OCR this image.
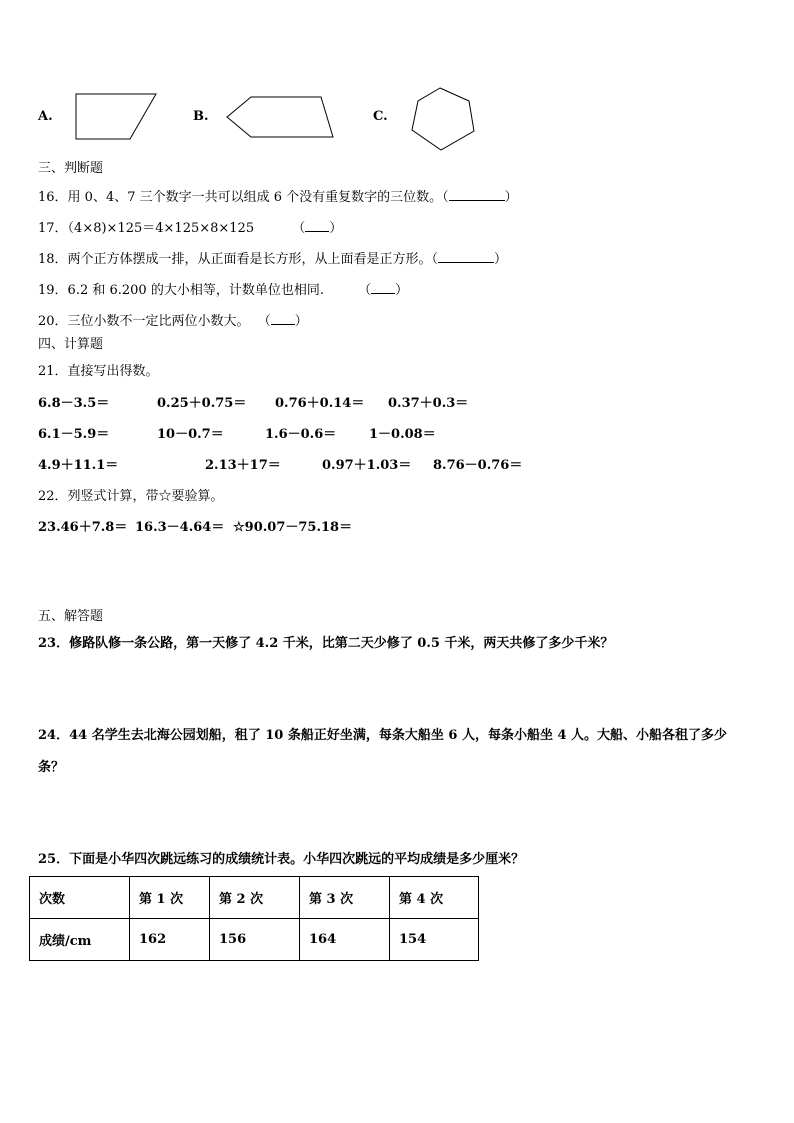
A.	B.	C.
三、判断题
16．用 0、4、7 三个数字一共可以组成 6 个没有重复数字的三位数。（	）
17．（4×8)×125＝4×125×8×125	（ ）
18．两个正方体摆成一排，从正面看是长方形，从上面看是正方形。（	）
19．6.2 和 6.200 的大小相等，计数单位也相同.	（ ）
20．三位小数不一定比两位小数大。 （ ）
四、计算题
21．直接写出得数。
6.8－3.5＝	0.25＋0.75＝ 0.76＋0.14＝ 0.37＋0.3＝
6.1－5.9＝	10－0.7＝	1.6－0.6＝	1－0.08＝
4.9＋11.1＝	2.13＋17＝	0.97＋1.03＝ 8.76－0.76＝
22．列竖式计算，带☆要验算。
23.46＋7.8＝ 16.3－4.64＝ ☆90.07－75.18＝
五、解答题
23．修路队修一条公路，第一天修了 4.2 千米，比第二天少修了 0.5 千米，两天共修了多少千米？
24．44 名学生去北海公园划船，租了 10 条船正好坐满，每条大船坐 6 人，每条小船坐 4 人。大船、小船各租了多少
条？
25．下面是小华四次跳远练习的成绩统计表。小华四次跳远的平均成绩是多少厘米？
次数	第 1 次	第 2 次	第 3 次	第 4 次
成绩/cm	162	156	164	154
